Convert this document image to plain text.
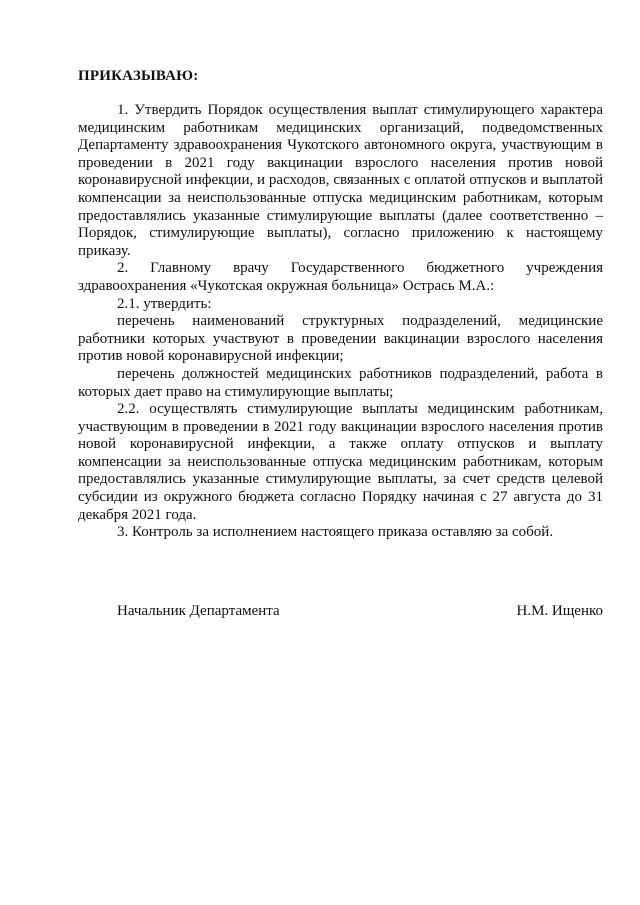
ПРИКАЗЫВАЮ:

1. Утвердить Порядок осуществления выплат стимулирующего характера медицинским работникам медицинских организаций, подведомственных Департаменту здравоохранения Чукотского автономного округа, участвующим в проведении в 2021 году вакцинации взрослого населения против новой коронавирусной инфекции, и расходов, связанных с оплатой отпусков и выплатой компенсации за неиспользованные отпуска медицинским работникам, которым предоставлялись указанные стимулирующие выплаты (далее соответственно – Порядок, стимулирующие выплаты), согласно приложению к настоящему приказу.

2. Главному врачу Государственного бюджетного учреждения здравоохранения «Чукотская окружная больница» Острась М.А.:

2.1. утвердить:

перечень наименований структурных подразделений, медицинские работники которых участвуют в проведении вакцинации взрослого населения против новой коронавирусной инфекции;

перечень должностей медицинских работников подразделений, работа в которых дает право на стимулирующие выплаты;

2.2. осуществлять стимулирующие выплаты медицинским работникам, участвующим в проведении в 2021 году вакцинации взрослого населения против новой коронавирусной инфекции, а также оплату отпусков и выплату компенсации за неиспользованные отпуска медицинским работникам, которым предоставлялись указанные стимулирующие выплаты, за счет средств целевой субсидии из окружного бюджета согласно Порядку начиная с 27 августа до 31 декабря 2021 года.

3. Контроль за исполнением настоящего приказа оставляю за собой.

Начальник Департамента	Н.М. Ищенко
